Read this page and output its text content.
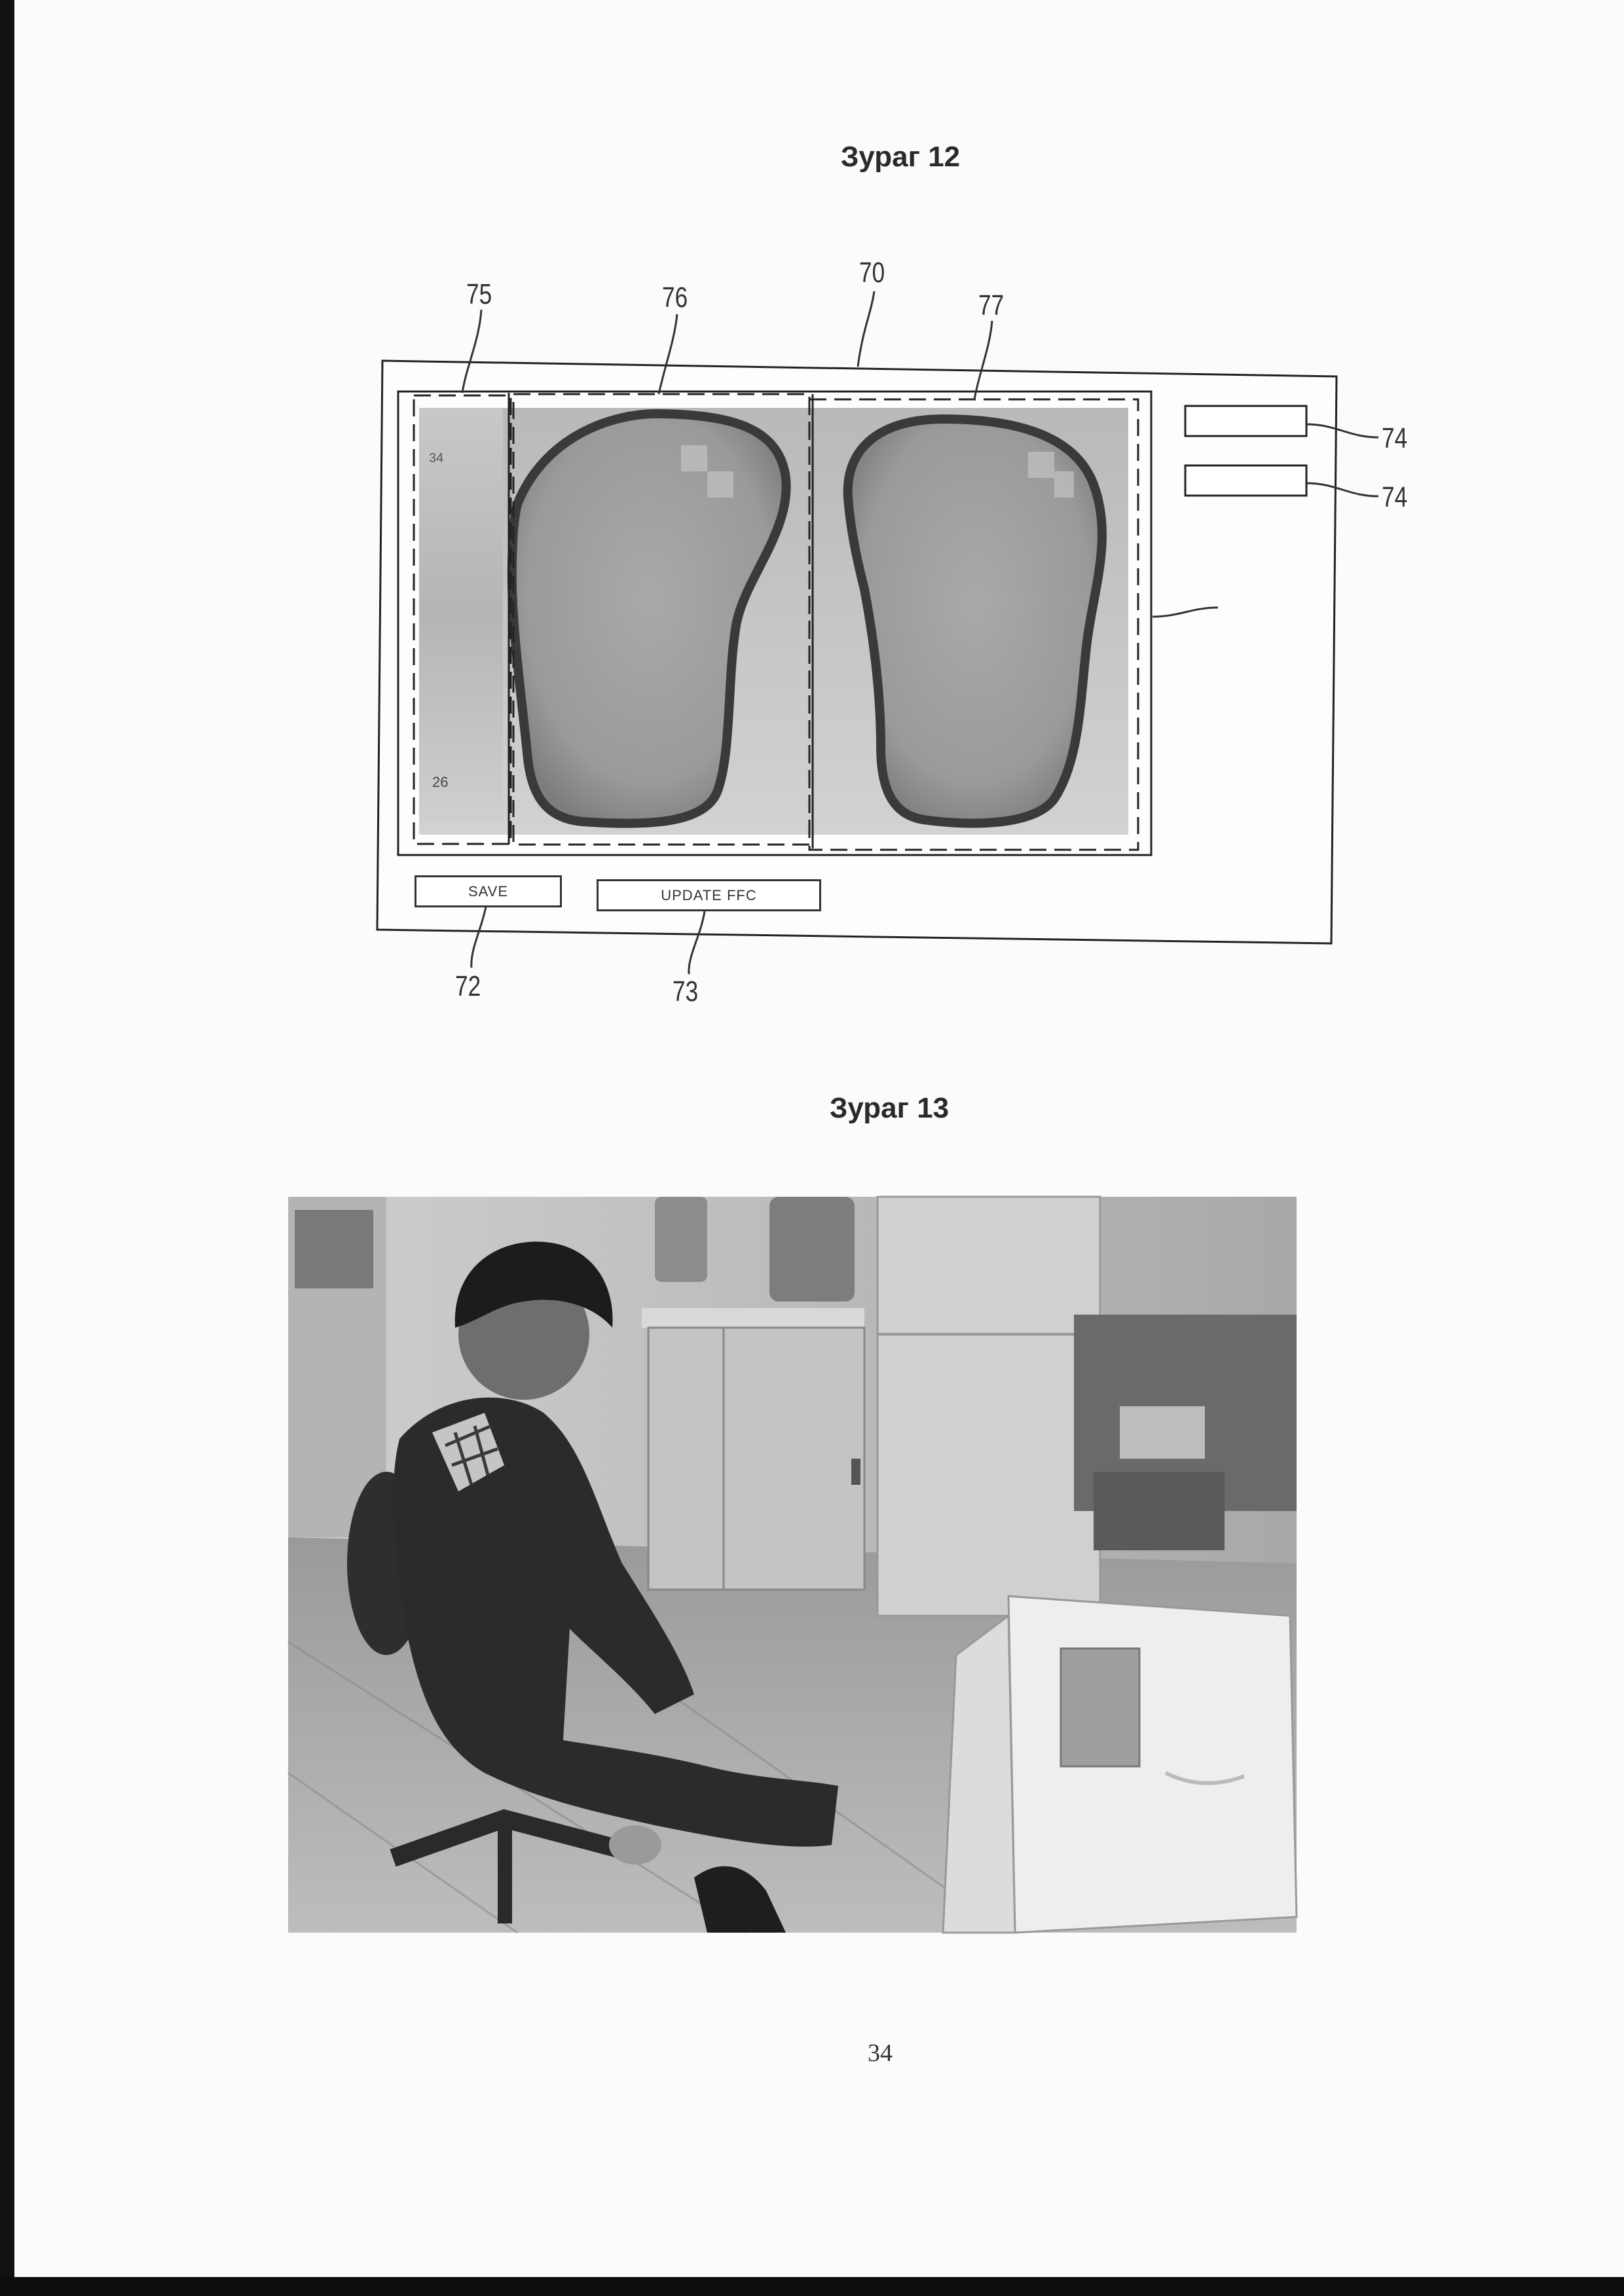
Зураг 12
70
75	76	77
74
74
72	73
34
26
SAVE	UPDATE FFC
Зураг 13
34
